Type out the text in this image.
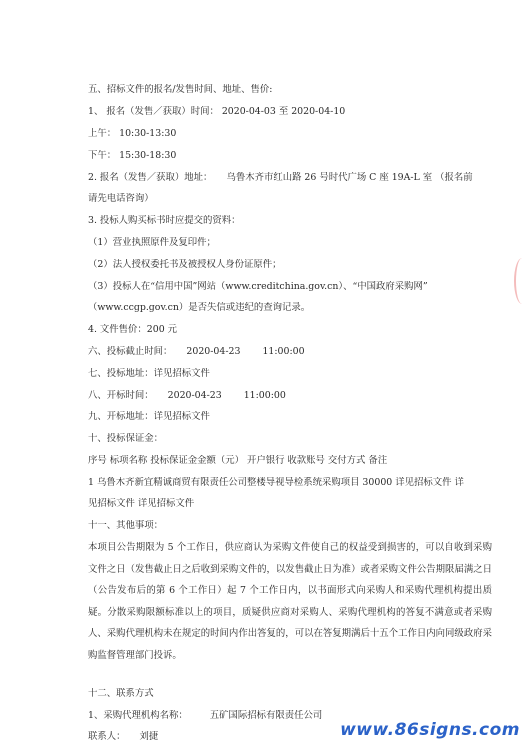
五、招标文件的报名/发售时间、地址、售价:
1、 报名（发售／获取）时间： 2020-04-03 至 2020-04-10
上午： 10:30-13:30
下午： 15:30-18:30
2. 报名（发售／获取）地址： 乌鲁木齐市红山路 26 号时代广场 C 座 19A-L 室 （报名前
请先电话咨询）
3. 投标人购买标书时应提交的资料：
（1）营业执照原件及复印件；
（2）法人授权委托书及被授权人身份证原件；
（3）投标人在“信用中国”网站（www.creditchina.gov.cn）、“中国政府采购网”
（www.ccgp.gov.cn）是否失信或违纪的查询记录。
4. 文件售价：200 元
六、投标截止时间： 2020-04-23 11:00:00
七、投标地址：详见招标文件
八、开标时间： 2020-04-23 11:00:00
九、开标地址：详见招标文件
十、投标保证金：
序号 标项名称 投标保证金金额（元） 开户银行 收款账号 交付方式 备注
1 乌鲁木齐新宜精诚商贸有限责任公司整楼导视导检系统采购项目 30000 详见招标文件 详
见招标文件 详见招标文件
十一、其他事项：
本项目公告期限为 5 个工作日，供应商认为采购文件使自己的权益受到损害的，可以自收到采购文件之日（发售截止日之后收到采购文件的，以发售截止日为准）或者采购文件公告期限届满之日（公告发布后的第 6 个工作日）起 7 个工作日内，以书面形式向采购人和采购代理机构提出质疑。分散采购限额标准以上的项目，质疑供应商对采购人、采购代理机构的答复不满意或者采购人、采购代理机构未在规定的时间内作出答复的，可以在答复期满后十五个工作日内向同级政府采购监督管理部门投诉。
十二、联系方式
1、采购代理机构名称： 五矿国际招标有限责任公司
联系人： 刘捷	www.86signs.com
